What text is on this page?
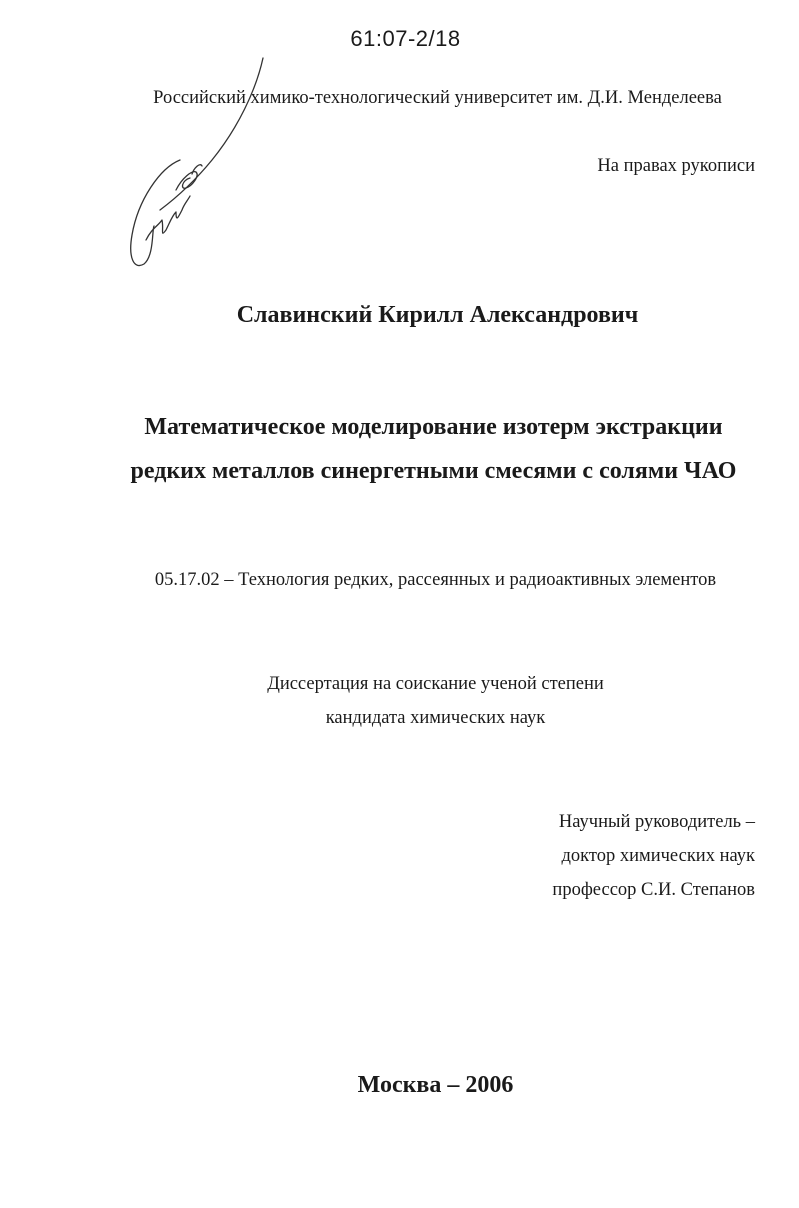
61:07-2/18
Российский химико-технологический университет им. Д.И. Менделеева
На правах рукописи
Славинский Кирилл Александрович
Математическое моделирование изотерм экстракции
редких металлов синергетными смесями с солями ЧАО
05.17.02 – Технология редких, рассеянных и радиоактивных элементов
Диссертация на соискание ученой степени
кандидата химических наук
Научный руководитель –
доктор химических наук
профессор С.И. Степанов
Москва – 2006
